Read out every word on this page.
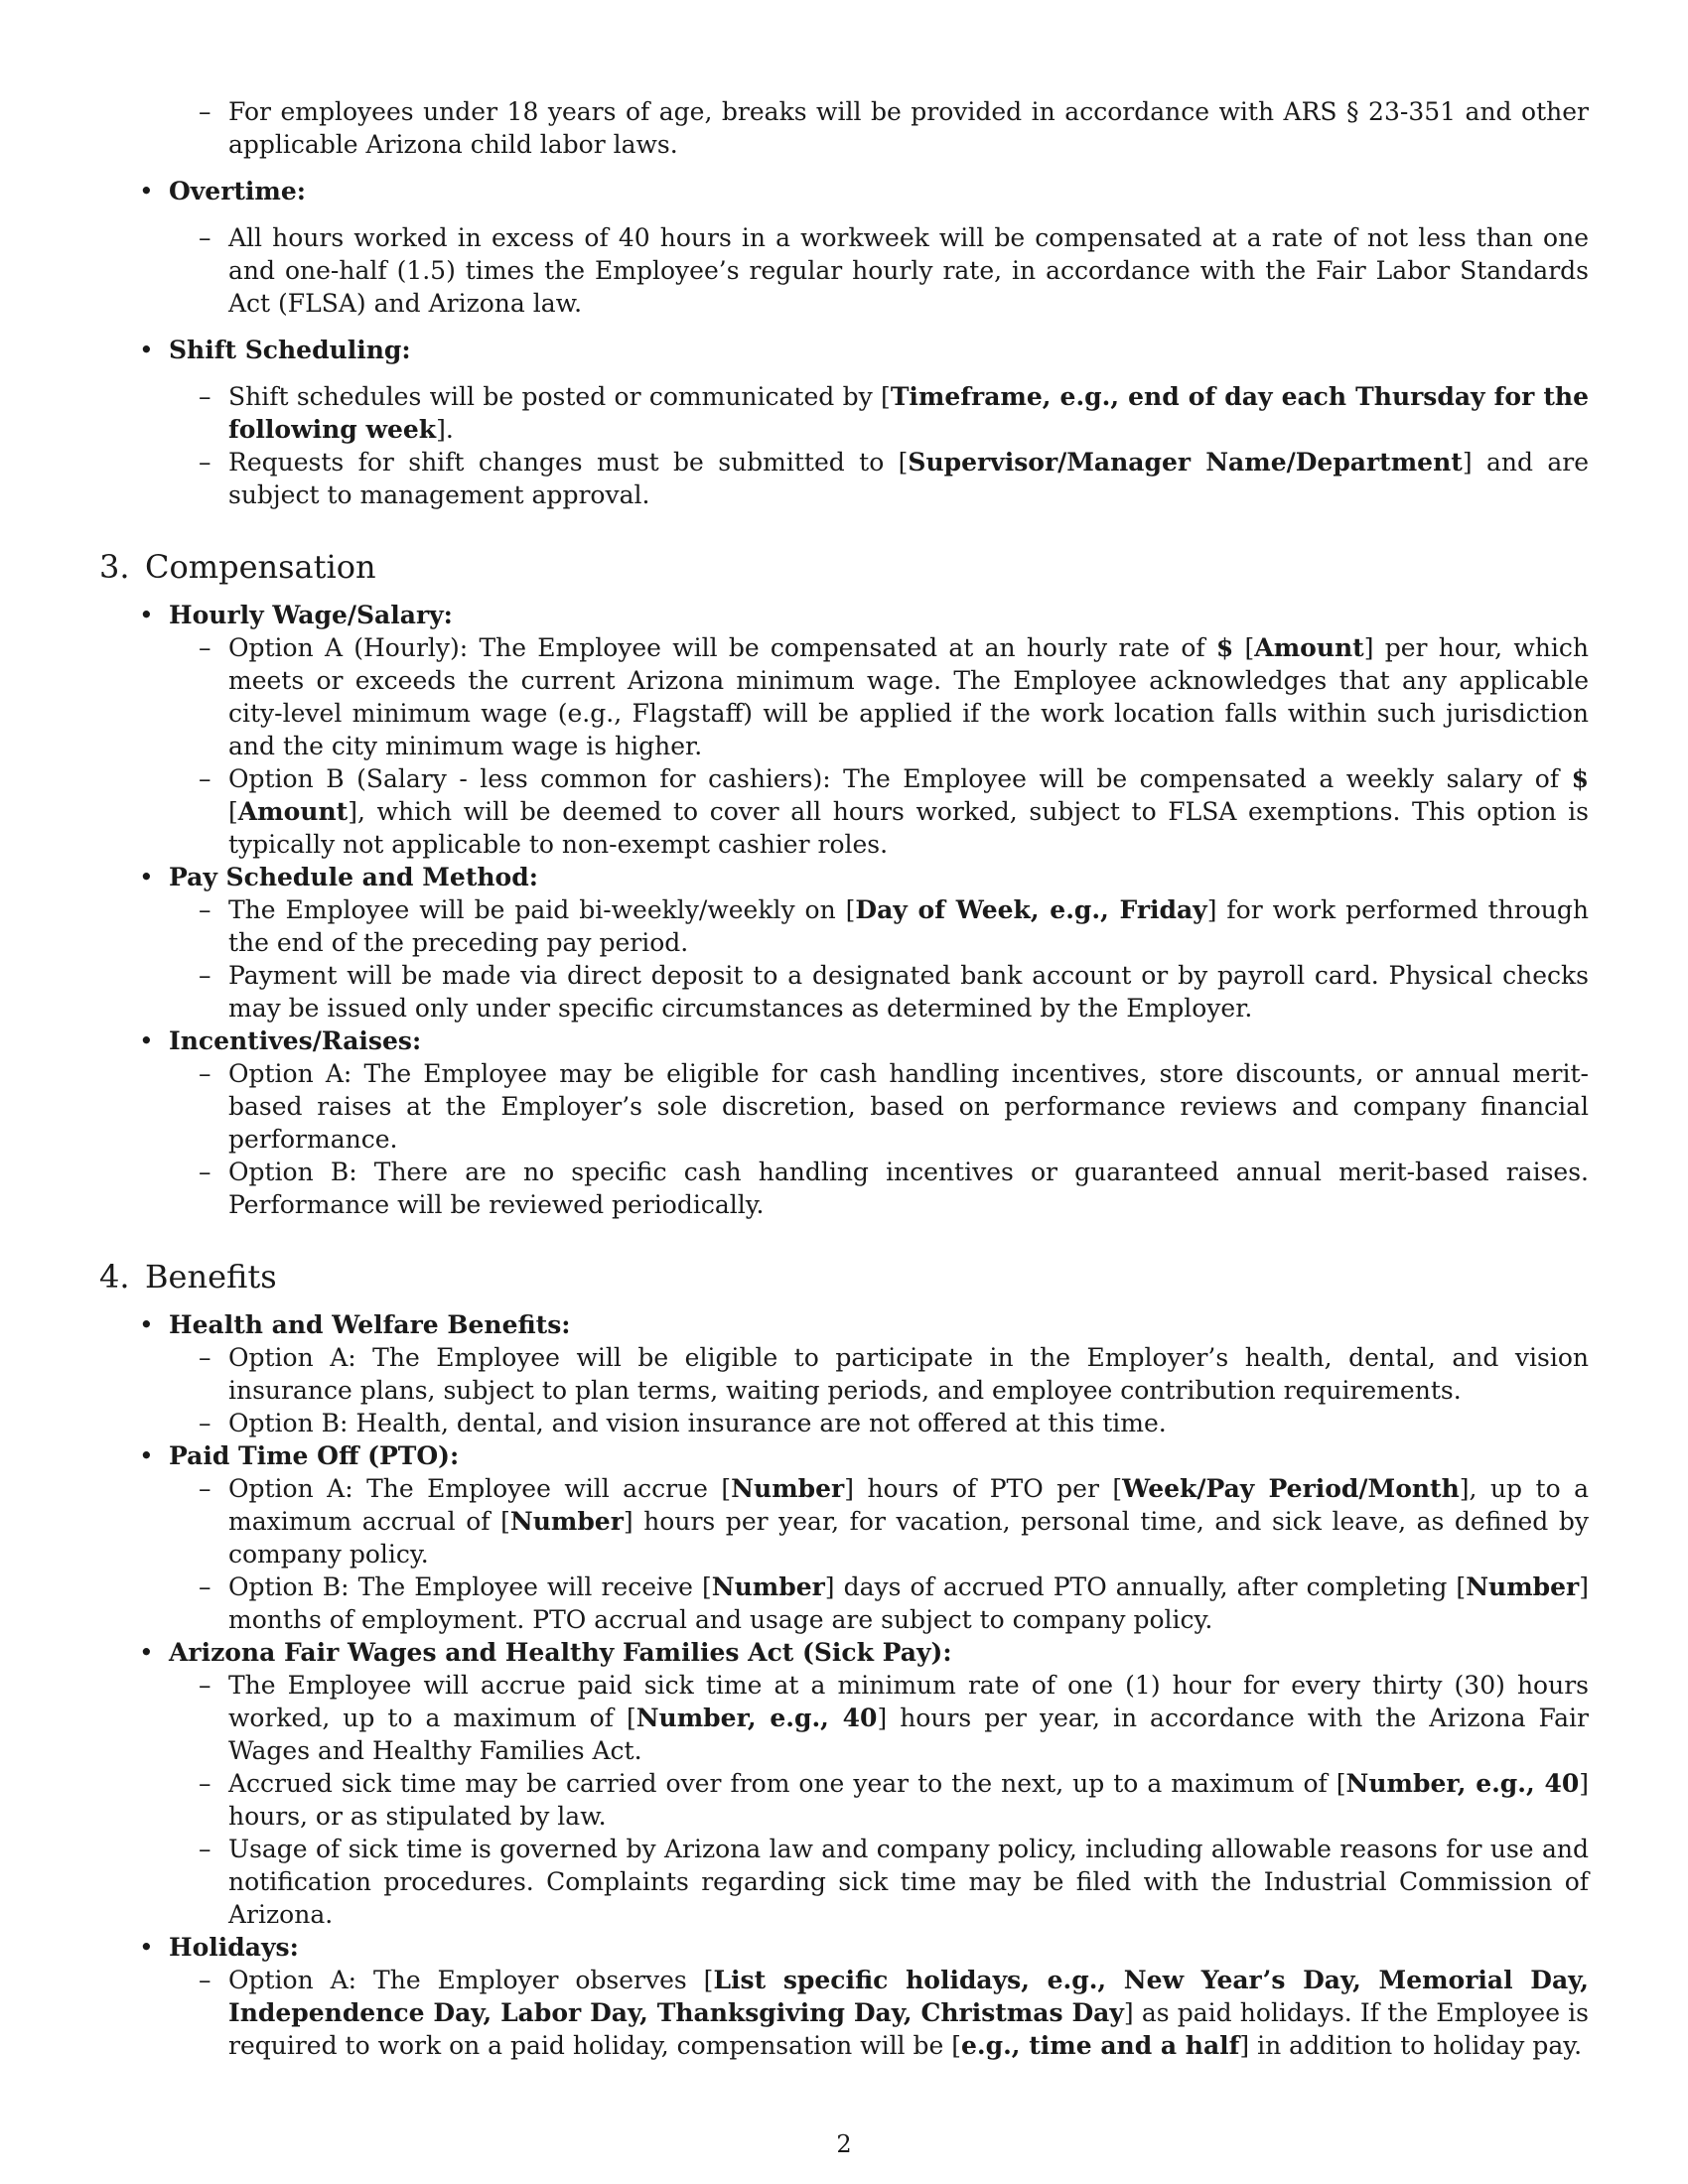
– For employees under 18 years of age, breaks will be provided in accordance with ARS § 23-351 and other applicable Arizona child labor laws.

• Overtime:

– All hours worked in excess of 40 hours in a workweek will be compensated at a rate of not less than one and one-half (1.5) times the Employee’s regular hourly rate, in accordance with the Fair Labor Standards Act (FLSA) and Arizona law.

• Shift Scheduling:

– Shift schedules will be posted or communicated by [Timeframe, e.g., end of day each Thursday for the following week].

– Requests for shift changes must be submitted to [Supervisor/Manager Name/Department] and are subject to management approval.

3. Compensation

• Hourly Wage/Salary:

– Option A (Hourly): The Employee will be compensated at an hourly rate of $ [Amount] per hour, which meets or exceeds the current Arizona minimum wage. The Employee acknowledges that any applicable city-level minimum wage (e.g., Flagstaff) will be applied if the work location falls within such jurisdiction and the city minimum wage is higher.

– Option B (Salary - less common for cashiers): The Employee will be compensated a weekly salary of $ [Amount], which will be deemed to cover all hours worked, subject to FLSA exemptions. This option is typically not applicable to non-exempt cashier roles.

• Pay Schedule and Method:

– The Employee will be paid bi-weekly/weekly on [Day of Week, e.g., Friday] for work performed through the end of the preceding pay period.

– Payment will be made via direct deposit to a designated bank account or by payroll card. Physical checks may be issued only under specific circumstances as determined by the Employer.

• Incentives/Raises:

– Option A: The Employee may be eligible for cash handling incentives, store discounts, or annual merit-based raises at the Employer’s sole discretion, based on performance reviews and company financial performance.

– Option B: There are no specific cash handling incentives or guaranteed annual merit-based raises. Performance will be reviewed periodically.

4. Benefits

• Health and Welfare Benefits:

– Option A: The Employee will be eligible to participate in the Employer’s health, dental, and vision insurance plans, subject to plan terms, waiting periods, and employee contribution requirements.

– Option B: Health, dental, and vision insurance are not offered at this time.

• Paid Time Off (PTO):

– Option A: The Employee will accrue [Number] hours of PTO per [Week/Pay Period/Month], up to a maximum accrual of [Number] hours per year, for vacation, personal time, and sick leave, as defined by company policy.

– Option B: The Employee will receive [Number] days of accrued PTO annually, after completing [Number] months of employment. PTO accrual and usage are subject to company policy.

• Arizona Fair Wages and Healthy Families Act (Sick Pay):

– The Employee will accrue paid sick time at a minimum rate of one (1) hour for every thirty (30) hours worked, up to a maximum of [Number, e.g., 40] hours per year, in accordance with the Arizona Fair Wages and Healthy Families Act.

– Accrued sick time may be carried over from one year to the next, up to a maximum of [Number, e.g., 40] hours, or as stipulated by law.

– Usage of sick time is governed by Arizona law and company policy, including allowable reasons for use and notification procedures. Complaints regarding sick time may be filed with the Industrial Commission of Arizona.

• Holidays:

– Option A: The Employer observes [List specific holidays, e.g., New Year’s Day, Memorial Day, Independence Day, Labor Day, Thanksgiving Day, Christmas Day] as paid holidays. If the Employee is required to work on a paid holiday, compensation will be [e.g., time and a half] in addition to holiday pay.

2
